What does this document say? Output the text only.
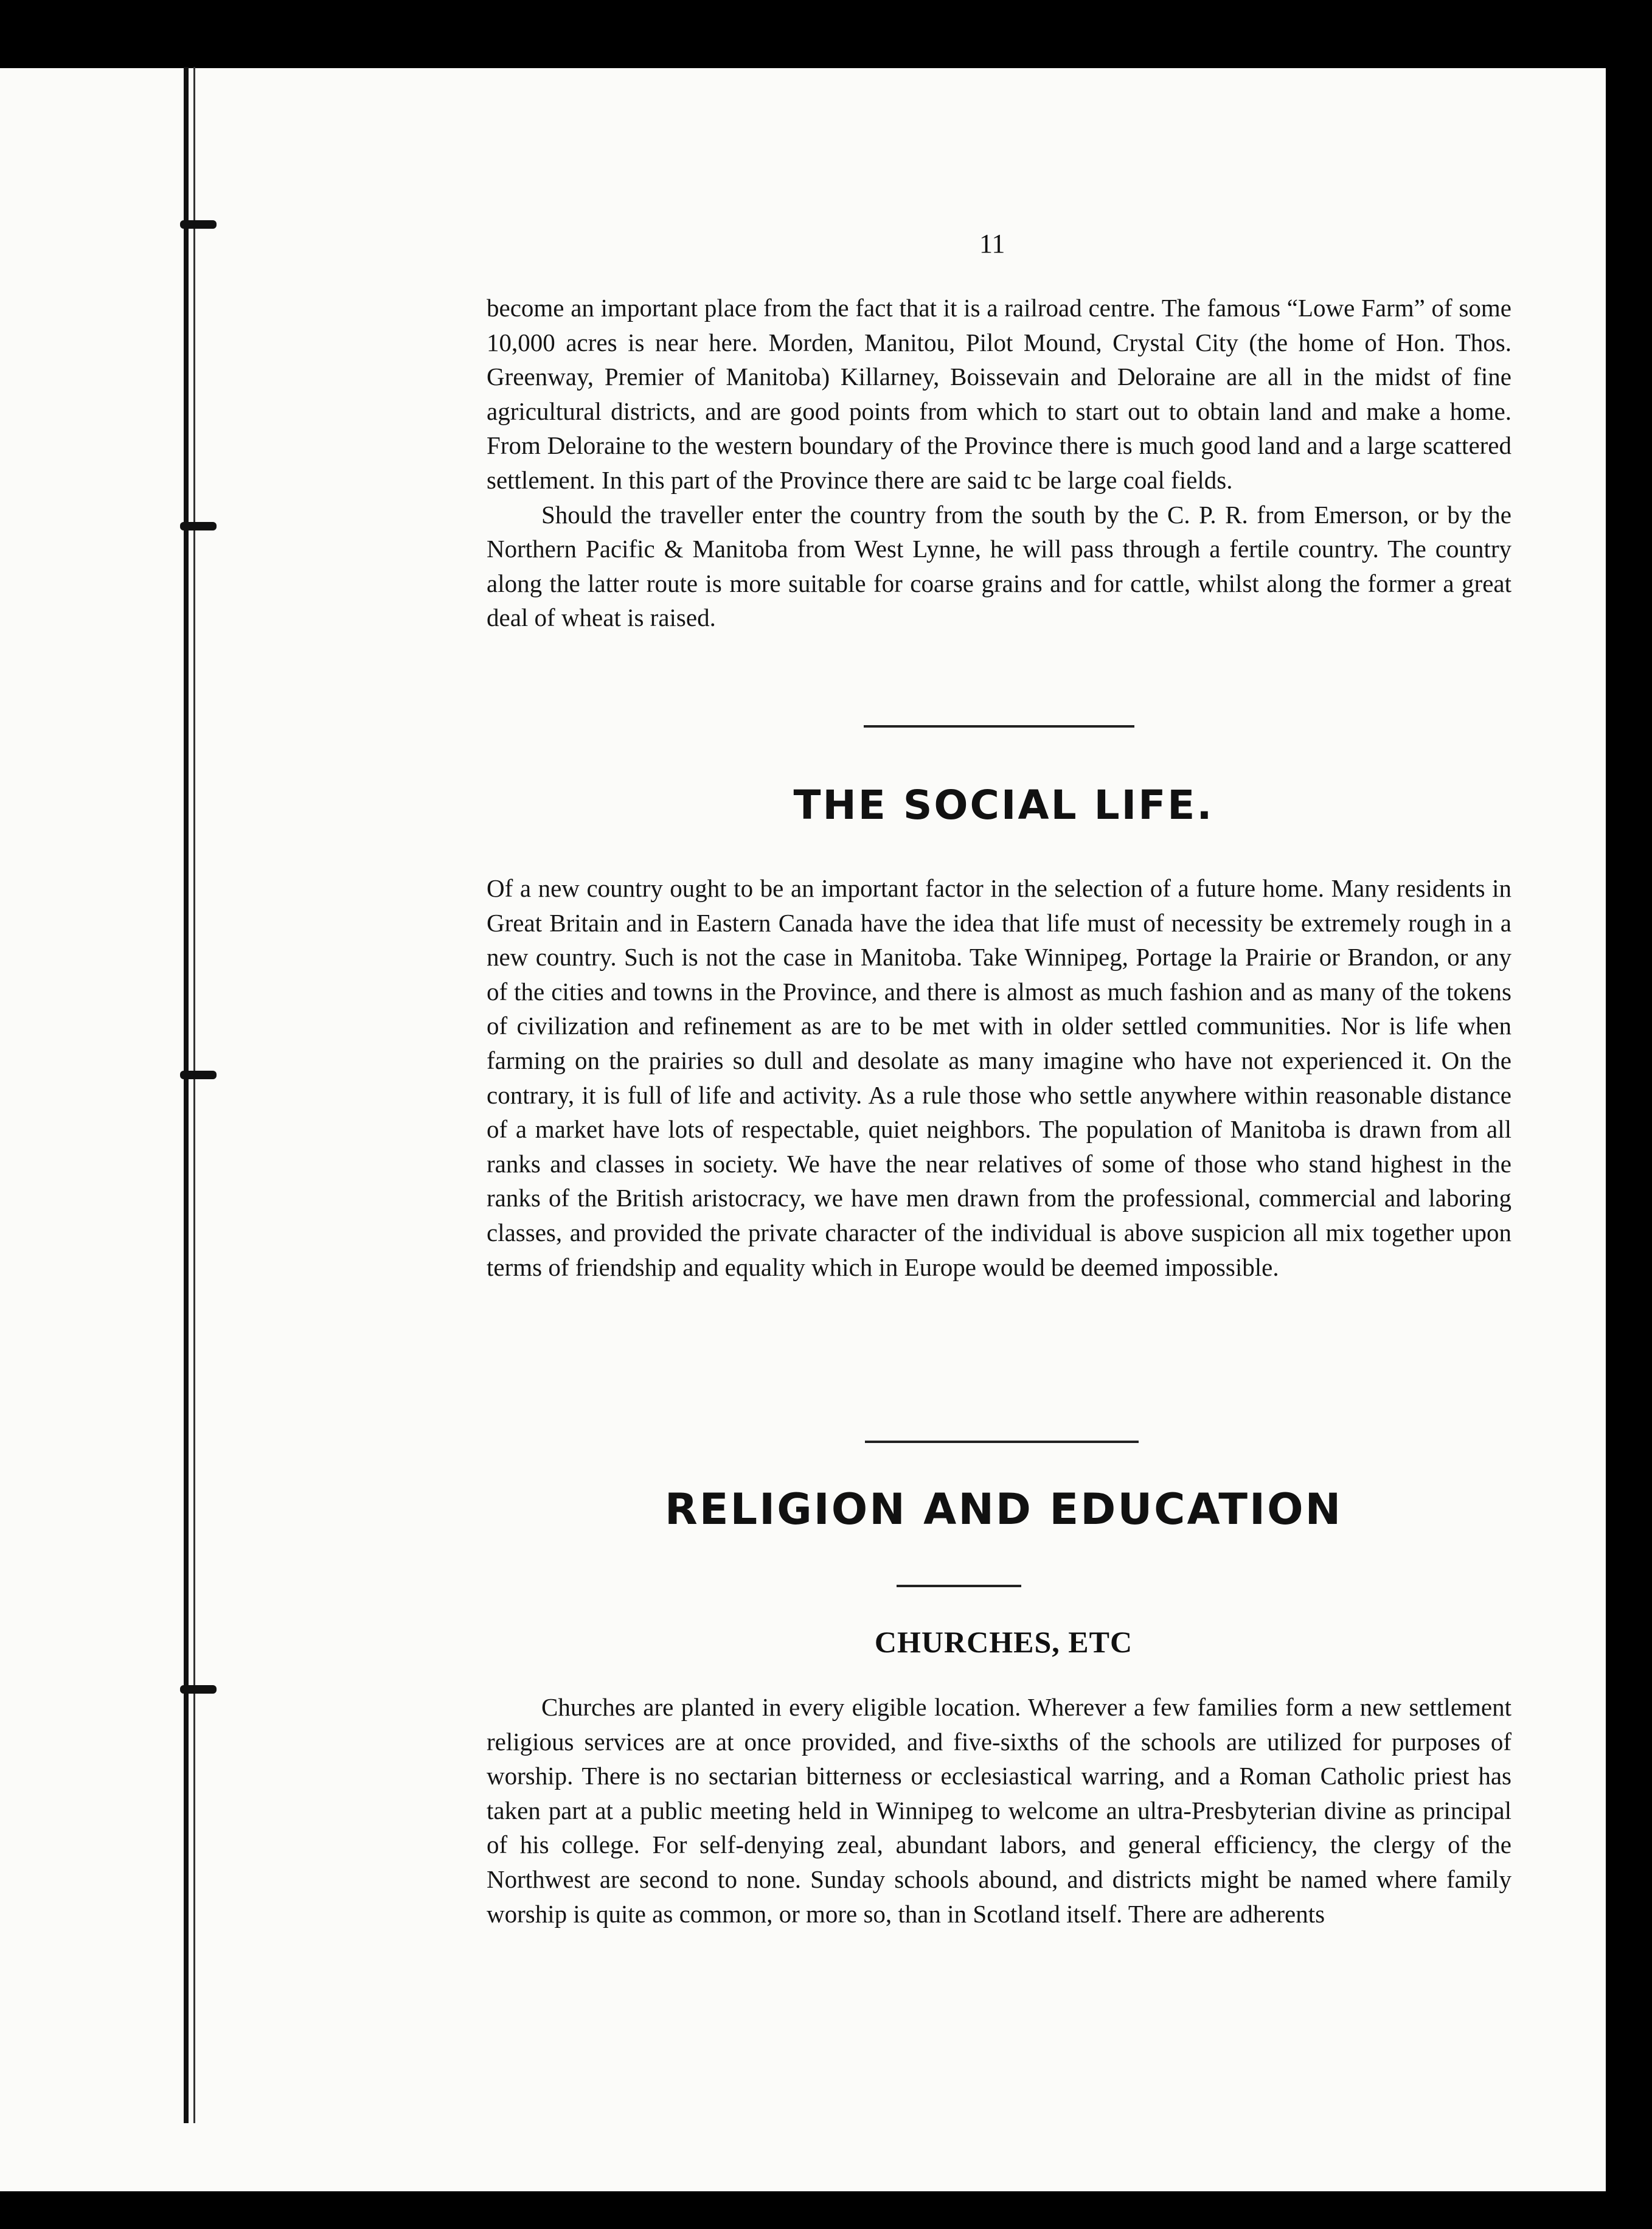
11

become an important place from the fact that it is a railroad centre. The famous “Lowe Farm” of some 10,000 acres is near here. Morden, Manitou, Pilot Mound, Crystal City (the home of Hon. Thos. Greenway, Premier of Manitoba) Killarney, Boissevain and Deloraine are all in the midst of fine agricultural districts, and are good points from which to start out to obtain land and make a home. From Deloraine to the western boundary of the Province there is much good land and a large scattered settlement. In this part of the Province there are said tc be large coal fields.

Should the traveller enter the country from the south by the C. P. R. from Emerson, or by the Northern Pacific & Manitoba from West Lynne, he will pass through a fertile country. The country along the latter route is more suitable for coarse grains and for cattle, whilst along the former a great deal of wheat is raised.

THE SOCIAL LIFE.

Of a new country ought to be an important factor in the selection of a future home. Many residents in Great Britain and in Eastern Canada have the idea that life must of necessity be extremely rough in a new country. Such is not the case in Manitoba. Take Winnipeg, Portage la Prairie or Brandon, or any of the cities and towns in the Province, and there is almost as much fashion and as many of the tokens of civilization and refinement as are to be met with in older settled communities. Nor is life when farming on the prairies so dull and desolate as many imagine who have not experienced it. On the contrary, it is full of life and activity. As a rule those who settle anywhere within reasonable distance of a market have lots of respectable, quiet neighbors. The population of Manitoba is drawn from all ranks and classes in society. We have the near relatives of some of those who stand highest in the ranks of the British aristocracy, we have men drawn from the professional, commercial and laboring classes, and provided the private character of the individual is above suspicion all mix together upon terms of friendship and equality which in Europe would be deemed impossible.

RELIGION AND EDUCATION
CHURCHES, ETC

Churches are planted in every eligible location. Wherever a few families form a new settlement religious services are at once provided, and five-sixths of the schools are utilized for purposes of worship. There is no sectarian bitterness or ecclesiastical warring, and a Roman Catholic priest has taken part at a public meeting held in Winnipeg to welcome an ultra-Presbyterian divine as principal of his college. For self-denying zeal, abundant labors, and general efficiency, the clergy of the Northwest are second to none. Sunday schools abound, and districts might be named where family worship is quite as common, or more so, than in Scotland itself. There are adherents
